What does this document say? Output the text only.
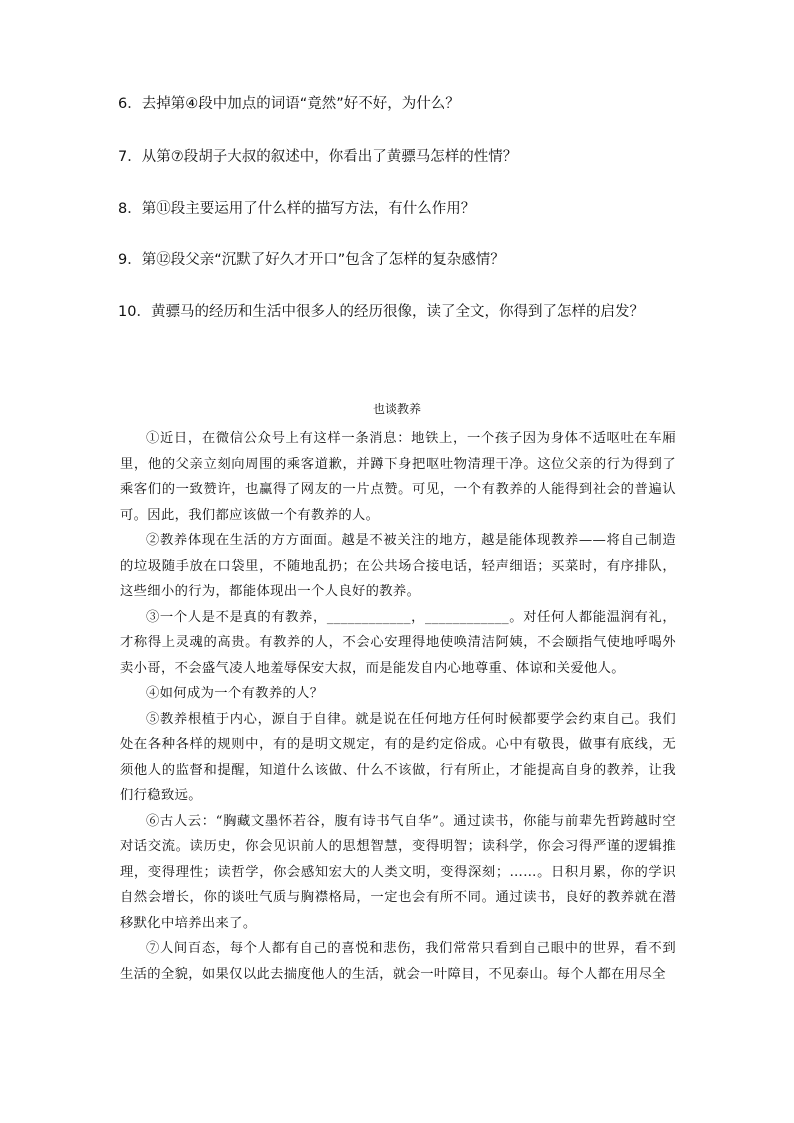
6．去掉第④段中加点的词语“竟然”好不好，为什么？
7．从第⑦段胡子大叔的叙述中，你看出了黄骠马怎样的性情？
8．第⑪段主要运用了什么样的描写方法，有什么作用？
9．第⑫段父亲“沉默了好久才开口”包含了怎样的复杂感情？
10．黄骠马的经历和生活中很多人的经历很像，读了全文，你得到了怎样的启发？
也谈教养

①近日，在微信公众号上有这样一条消息：地铁上，一个孩子因为身体不适呕吐在车厢里，他的父亲立刻向周围的乘客道歉，并蹲下身把呕吐物清理干净。这位父亲的行为得到了乘客们的一致赞许，也赢得了网友的一片点赞。可见，一个有教养的人能得到社会的普遍认可。因此，我们都应该做一个有教养的人。

②教养体现在生活的方方面面。越是不被关注的地方，越是能体现教养——将自己制造的垃圾随手放在口袋里，不随地乱扔；在公共场合接电话，轻声细语；买菜时，有序排队，这些细小的行为，都能体现出一个人良好的教养。

③一个人是不是真的有教养，____________，____________。对任何人都能温润有礼，才称得上灵魂的高贵。有教养的人，不会心安理得地使唤清洁阿姨，不会颐指气使地呼喝外卖小哥，不会盛气凌人地羞辱保安大叔，而是能发自内心地尊重、体谅和关爱他人。

④如何成为一个有教养的人？

⑤教养根植于内心，源自于自律。就是说在任何地方任何时候都要学会约束自己。我们处在各种各样的规则中，有的是明文规定，有的是约定俗成。心中有敬畏，做事有底线，无须他人的监督和提醒，知道什么该做、什么不该做，行有所止，才能提高自身的教养，让我们行稳致远。

⑥古人云：“胸藏文墨怀若谷，腹有诗书气自华”。通过读书，你能与前辈先哲跨越时空对话交流。读历史，你会见识前人的思想智慧，变得明智；读科学，你会习得严谨的逻辑推理，变得理性；读哲学，你会感知宏大的人类文明，变得深刻；……。日积月累，你的学识自然会增长，你的谈吐气质与胸襟格局，一定也会有所不同。通过读书，良好的教养就在潜移默化中培养出来了。

⑦人间百态，每个人都有自己的喜悦和悲伤，我们常常只看到自己眼中的世界，看不到生活的全貌，如果仅以此去揣度他人的生活，就会一叶障目，不见泰山。每个人都在用尽全
